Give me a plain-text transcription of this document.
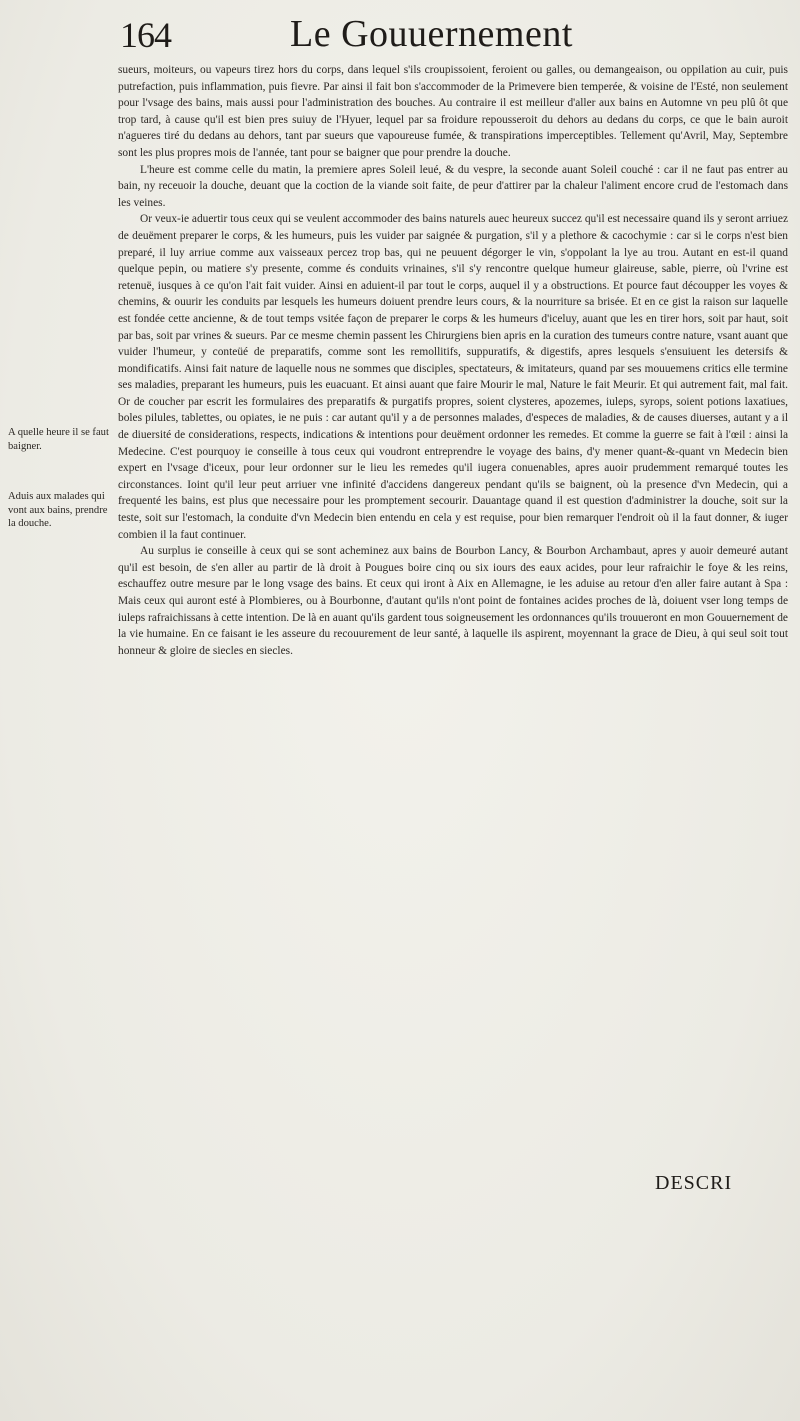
164	Le Gouuernement
A quelle heure il se faut baigner.
Aduis aux malades qui vont aux bains, prendre la douche.

sueurs, moiteurs, ou vapeurs tirez hors du corps, dans lequel s'ils croupissoient, feroient ou galles, ou demangeaison, ou oppilation au cuir, puis putrefaction, puis inflammation, puis fievre. Par ainsi il fait bon s'accommoder de la Primevere bien temperée, & voisine de l'Esté, non seulement pour l'vsage des bains, mais aussi pour l'administration des bouches. Au contraire il est meilleur d'aller aux bains en Automne vn peu plû ôt que trop tard, à cause qu'il est bien pres suiuy de l'Hyuer, lequel par sa froidure repousseroit du dehors au dedans du corps, ce que le bain auroit n'agueres tiré du dedans au dehors, tant par sueurs que vapoureuse fumée, & transpirations imperceptibles. Tellement qu'Avril, May, Septembre sont les plus propres mois de l'année, tant pour se baigner que pour prendre la douche.

L'heure est comme celle du matin, la premiere apres Soleil leué, & du vespre, la seconde auant Soleil couché : car il ne faut pas entrer au bain, ny receuoir la douche, deuant que la coction de la viande soit faite, de peur d'attirer par la chaleur l'aliment encore crud de l'estomach dans les veines.

Or veux-ie aduertir tous ceux qui se veulent accommoder des bains naturels auec heureux succez qu'il est necessaire quand ils y seront arriuez de deuëment preparer le corps, & les humeurs, puis les vuider par saignée & purgation, s'il y a plethore & cacochymie : car si le corps n'est bien preparé, il luy arriue comme aux vaisseaux percez trop bas, qui ne peuuent dégorger le vin, s'oppolant la lye au trou. Autant en est-il quand quelque pepin, ou matiere s'y presente, comme és conduits vrinaines, s'il s'y rencontre quelque humeur glaireuse, sable, pierre, où l'vrine est retenuë, iusques à ce qu'on l'ait fait vuider. Ainsi en aduient-il par tout le corps, auquel il y a obstructions. Et pource faut découpper les voyes & chemins, & ouurir les conduits par lesquels les humeurs doiuent prendre leurs cours, & la nourriture sa brisée. Et en ce gist la raison sur laquelle est fondée cette ancienne, & de tout temps vsitée façon de preparer le corps & les humeurs d'iceluy, auant que les en tirer hors, soit par haut, soit par bas, soit par vrines & sueurs. Par ce mesme chemin passent les Chirurgiens bien apris en la curation des tumeurs contre nature, vsant auant que vuider l'humeur, y conteüé de preparatifs, comme sont les remollitifs, suppuratifs, & digestifs, apres lesquels s'ensuiuent les detersifs & mondificatifs. Ainsi fait nature de laquelle nous ne sommes que disciples, spectateurs, & imitateurs, quand par ses mouuemens critics elle termine ses maladies, preparant les humeurs, puis les euacuant. Et ainsi auant que faire Mourir le mal, Nature le fait Meurir. Et qui autrement fait, mal fait. Or de coucher par escrit les formulaires des preparatifs & purgatifs propres, soient clysteres, apozemes, iuleps, syrops, soient potions laxatiues, boles pilules, tablettes, ou opiates, ie ne puis : car autant qu'il y a de personnes malades, d'especes de maladies, & de causes diuerses, autant y a il de diuersité de considerations, respects, indications & intentions pour deuëment ordonner les remedes. Et comme la guerre se fait à l'œil : ainsi la Medecine. C'est pourquoy ie conseille à tous ceux qui voudront entreprendre le voyage des bains, d'y mener quant-&-quant vn Medecin bien expert en l'vsage d'iceux, pour leur ordonner sur le lieu les remedes qu'il iugera conuenables, apres auoir prudemment remarqué toutes les circonstances. Ioint qu'il leur peut arriuer vne infinité d'accidens dangereux pendant qu'ils se baignent, où la presence d'vn Medecin, qui a frequenté les bains, est plus que necessaire pour les promptement secourir. Dauantage quand il est question d'administrer la douche, soit sur la teste, soit sur l'estomach, la conduite d'vn Medecin bien entendu en cela y est requise, pour bien remarquer l'endroit où il la faut donner, & iuger combien il la faut continuer.

Au surplus ie conseille à ceux qui se sont acheminez aux bains de Bourbon Lancy, & Bourbon Archambaut, apres y auoir demeuré autant qu'il est besoin, de s'en aller au partir de là droit à Pougues boire cinq ou six iours des eaux acides, pour leur rafraichir le foye & les reins, eschauffez outre mesure par le long vsage des bains. Et ceux qui iront à Aix en Allemagne, ie les aduise au retour d'en aller faire autant à Spa : Mais ceux qui auront esté à Plombieres, ou à Bourbonne, d'autant qu'ils n'ont point de fontaines acides proches de là, doiuent vser long temps de iuleps rafraichissans à cette intention. De là en auant qu'ils gardent tous soigneusement les ordonnances qu'ils trouueront en mon Gouuernement de la vie humaine. En ce faisant ie les asseure du recouurement de leur santé, à laquelle ils aspirent, moyennant la grace de Dieu, à qui seul soit tout honneur & gloire de siecles en siecles.

DESCRI
